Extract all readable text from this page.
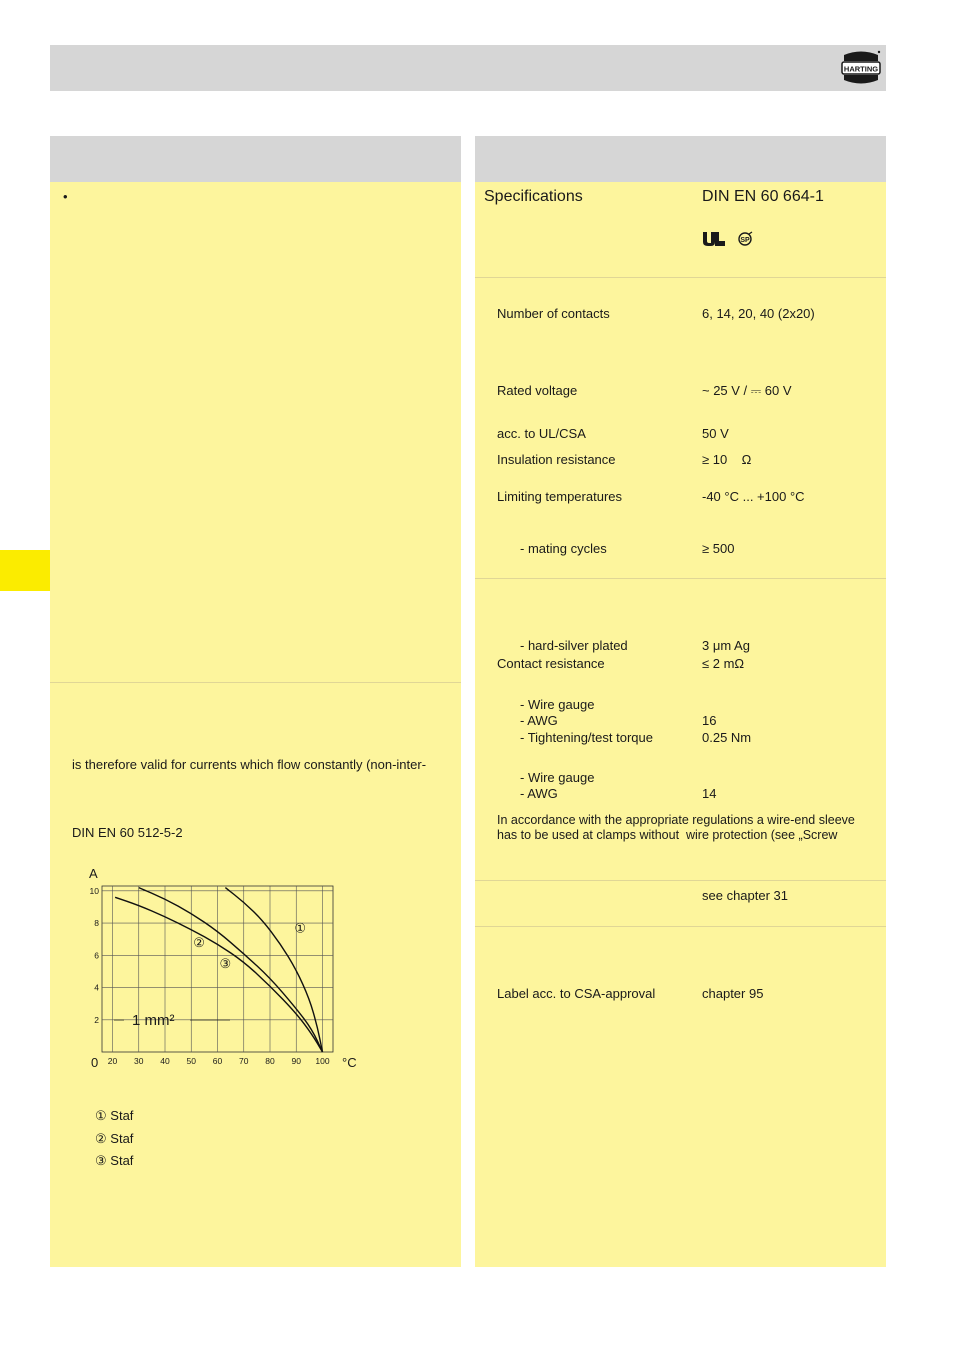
HARTING
•
is therefore valid for currents which flow constantly (non-inter-
DIN EN 60 512-5-2
10
8
6
4
2
20 30 40 50 60 70 80 90 100
①
②
③
A
0	°C
1 mm²
① Staf
② Staf
③ Staf
Specifications	DIN EN 60 664-1
SP
Number of contacts	6, 14, 20, 40 (2x20)
Rated voltage	~ 25 V / ⎓ 60 V
acc. to UL/CSA	50 V
Insulation resistance	≥ 10    Ω
Limiting temperatures	-40 °C ... +100 °C
- mating cycles	≥ 500
- hard-silver plated	3 μm Ag
Contact resistance	≤ 2 mΩ
- Wire gauge
- AWG	16
- Tightening/test torque	0.25 Nm
- Wire gauge
- AWG	14
In accordance with the appropriate regulations a wire-end sleeve
has to be used at clamps without  wire protection (see „Screw
see chapter 31
Label acc. to CSA-approval	chapter 95
